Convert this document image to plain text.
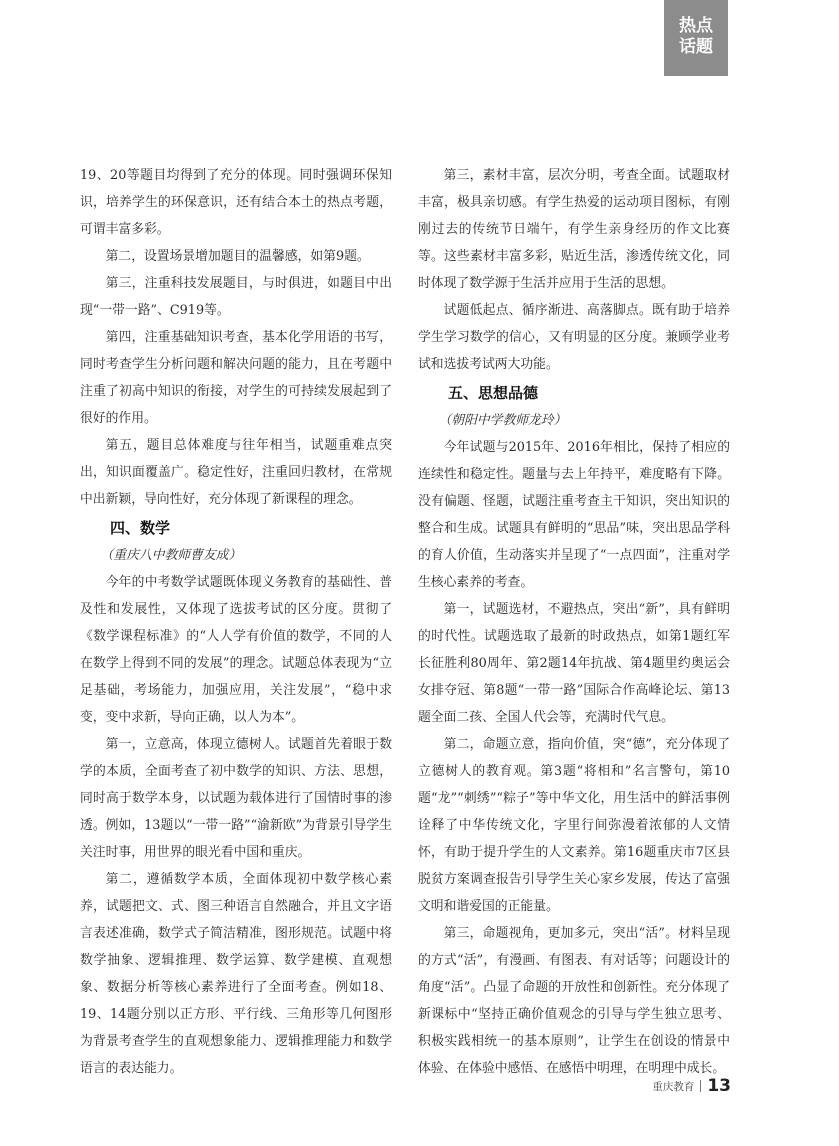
热点
话题

19、20等题目均得到了充分的体现。同时强调环保知识，培养学生的环保意识，还有结合本土的热点考题，可谓丰富多彩。

第二，设置场景增加题目的温馨感，如第9题。

第三，注重科技发展题目，与时俱进，如题目中出现“一带一路”、C919等。

第四，注重基础知识考查，基本化学用语的书写，同时考查学生分析问题和解决问题的能力，且在考题中注重了初高中知识的衔接，对学生的可持续发展起到了很好的作用。

第五，题目总体难度与往年相当，试题重难点突出，知识面覆盖广。稳定性好，注重回归教材，在常规中出新颖，导向性好，充分体现了新课程的理念。

四、数学
（重庆八中教师曹友成）

今年的中考数学试题既体现义务教育的基础性、普及性和发展性，又体现了选拔考试的区分度。贯彻了《数学课程标准》的“人人学有价值的数学，不同的人在数学上得到不同的发展”的理念。试题总体表现为“立足基础，考场能力，加强应用，关注发展”，“稳中求变，变中求新，导向正确，以人为本”。

第一，立意高，体现立德树人。试题首先着眼于数学的本质，全面考查了初中数学的知识、方法、思想，同时高于数学本身，以试题为载体进行了国情时事的渗透。例如，13题以“一带一路”“渝新欧”为背景引导学生关注时事，用世界的眼光看中国和重庆。

第二，遵循数学本质，全面体现初中数学核心素养，试题把文、式、图三种语言自然融合，并且文字语言表述准确，数学式子简洁精准，图形规范。试题中将数学抽象、逻辑推理、数学运算、数学建模、直观想象、数据分析等核心素养进行了全面考查。例如18、19、14题分别以正方形、平行线、三角形等几何图形为背景考查学生的直观想象能力、逻辑推理能力和数学语言的表达能力。

第三，素材丰富，层次分明，考查全面。试题取材丰富，极具亲切感。有学生热爱的运动项目图标，有刚刚过去的传统节日端午，有学生亲身经历的作文比赛等。这些素材丰富多彩，贴近生活，渗透传统文化，同时体现了数学源于生活并应用于生活的思想。

试题低起点、循序渐进、高落脚点。既有助于培养学生学习数学的信心，又有明显的区分度。兼顾学业考试和选拔考试两大功能。

五、思想品德
（朝阳中学教师龙玲）

今年试题与2015年、2016年相比，保持了相应的连续性和稳定性。题量与去上年持平，难度略有下降。没有偏题、怪题，试题注重考查主干知识，突出知识的整合和生成。试题具有鲜明的“思品”味，突出思品学科的育人价值，生动落实并呈现了“一点四面”，注重对学生核心素养的考查。

第一，试题选材，不避热点，突出“新”，具有鲜明的时代性。试题选取了最新的时政热点，如第1题红军长征胜利80周年、第2题14年抗战、第4题里约奥运会女排夺冠、第8题“一带一路”国际合作高峰论坛、第13题全面二孩、全国人代会等，充满时代气息。

第二，命题立意，指向价值，突“德”，充分体现了立德树人的教育观。第3题“将相和”名言警句，第10题“龙”“刺绣”“粽子”等中华文化，用生活中的鲜活事例诠释了中华传统文化，字里行间弥漫着浓郁的人文情怀，有助于提升学生的人文素养。第16题重庆市7区县脱贫方案调查报告引导学生关心家乡发展，传达了富强文明和谐爱国的正能量。

第三，命题视角，更加多元，突出“活”。材料呈现的方式“活”，有漫画、有图表、有对话等；问题设计的角度“活”。凸显了命题的开放性和创新性。充分体现了新课标中“坚持正确价值观念的引导与学生独立思考、积极实践相统一的基本原则”，让学生在创设的情景中体验、在体验中感悟、在感悟中明理，在明理中成长。

重庆教育 13
